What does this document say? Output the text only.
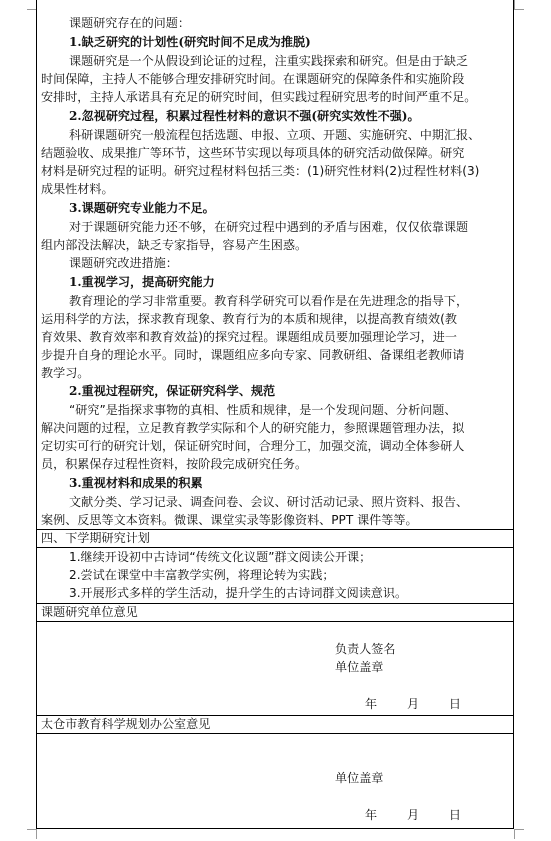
课题研究存在的问题：
1.缺乏研究的计划性(研究时间不足成为推脱)
课题研究是一个从假设到论证的过程，注重实践探索和研究。但是由于缺乏
时间保障，主持人不能够合理安排研究时间。在课题研究的保障条件和实施阶段
安排时，主持人承诺具有充足的研究时间，但实践过程研究思考的时间严重不足。
2.忽视研究过程，积累过程性材料的意识不强(研究实效性不强)。
科研课题研究一般流程包括选题、申报、立项、开题、实施研究、中期汇报、
结题验收、成果推广等环节，这些环节实现以每项具体的研究活动做保障。研究
材料是研究过程的证明。研究过程材料包括三类：(1)研究性材料(2)过程性材料(3)
成果性材料。
3.课题研究专业能力不足。
对于课题研究能力还不够，在研究过程中遇到的矛盾与困难，仅仅依靠课题
组内部没法解决，缺乏专家指导，容易产生困惑。
课题研究改进措施：
1.重视学习，提高研究能力
教育理论的学习非常重要。教育科学研究可以看作是在先进理念的指导下，
运用科学的方法，探求教育现象、教育行为的本质和规律，以提高教育绩效(教
育效果、教育效率和教育效益)的探究过程。课题组成员要加强理论学习，进一
步提升自身的理论水平。同时，课题组应多向专家、同教研组、备课组老教师请
教学习。
2.重视过程研究，保证研究科学、规范
“研究”是指探求事物的真相、性质和规律，是一个发现问题、分析问题、
解决问题的过程，立足教育教学实际和个人的研究能力，参照课题管理办法，拟
定切实可行的研究计划，保证研究时间，合理分工，加强交流，调动全体参研人
员，积累保存过程性资料，按阶段完成研究任务。
3.重视材料和成果的积累
文献分类、学习记录、调查问卷、会议、研讨活动记录、照片资料、报告、
案例、反思等文本资料。微课、课堂实录等影像资料、PPT 课件等等。
四、下学期研究计划
1.继续开设初中古诗词“传统文化议题”群文阅读公开课；
2.尝试在课堂中丰富教学实例，将理论转为实践；
3.开展形式多样的学生活动，提升学生的古诗词群文阅读意识。
课题研究单位意见
负责人签名
单位盖章
年 月 日
太仓市教育科学规划办公室意见
单位盖章
年 月 日
